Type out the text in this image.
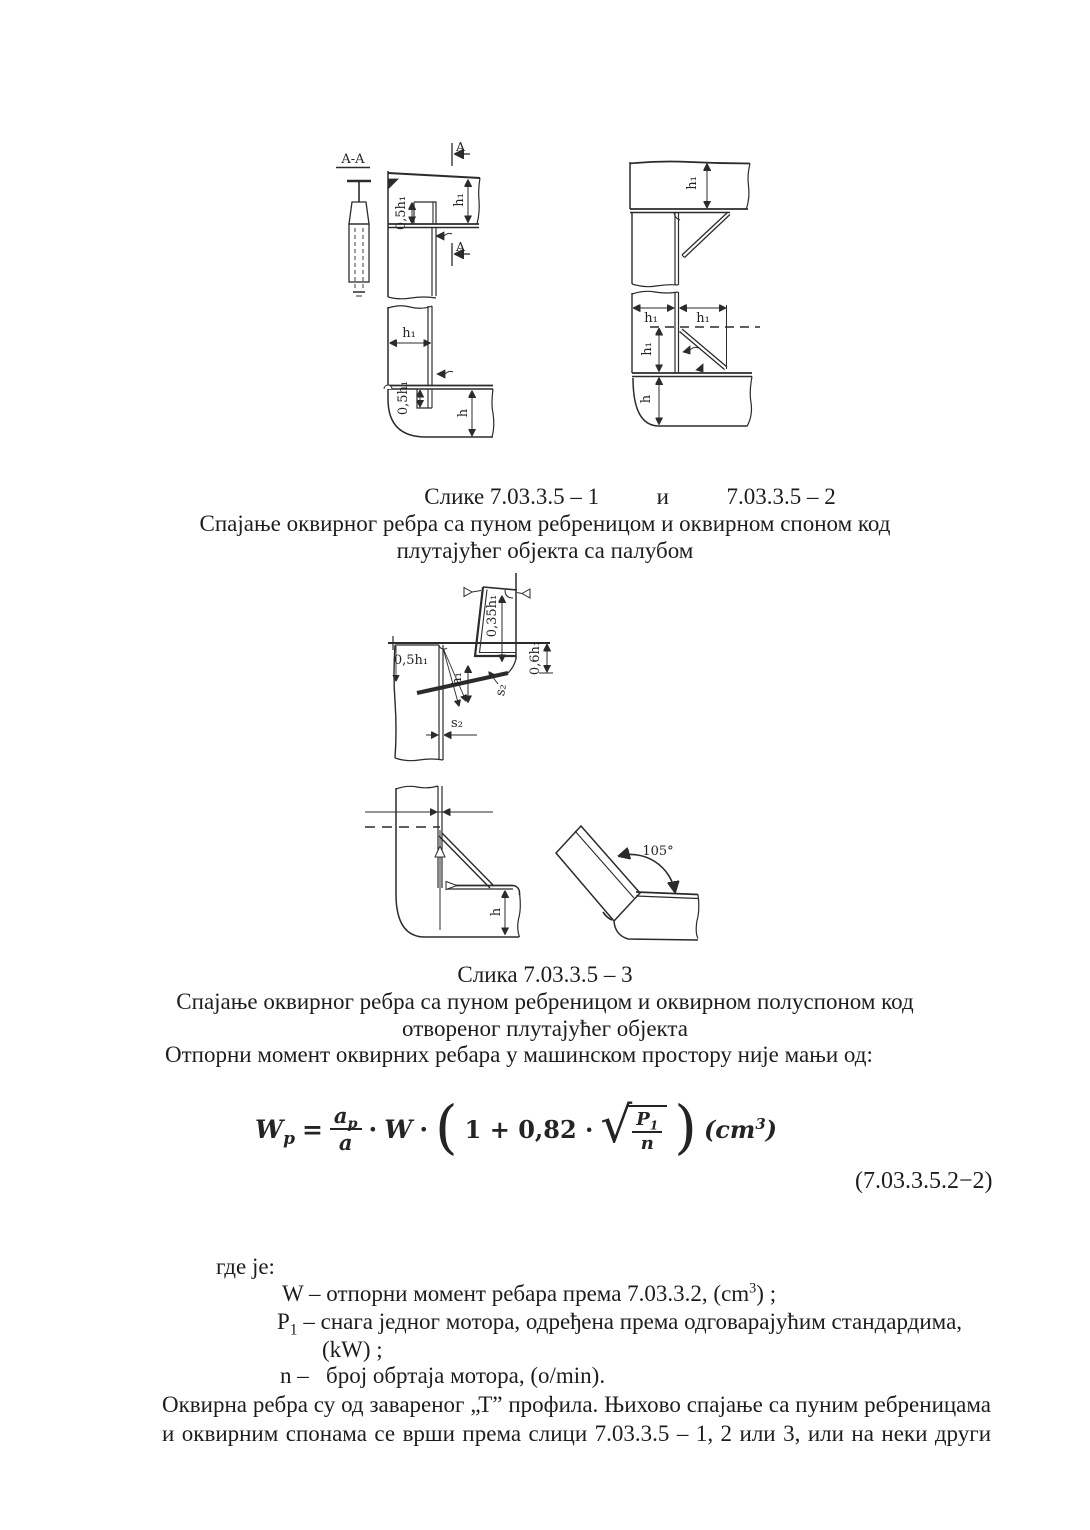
A-A
A
0,5h₁	h₁
A
h₁
0,5h₁	h
h₁
h₁	h₁
h₁
h
0,35h₁
0,6h₁
0,5h₁
h₁
s₂
s₂
h
105°
Слике 7.03.3.5 – 1          и          7.03.3.5 – 2
Спајање оквирног ребра са пуном ребреницом и оквирном споном код
плутајућег објекта са палубом
Слика 7.03.3.5 – 3
Спајање оквирног ребра са пуном ребреницом и оквирном полуспоном код
отвореног плутајућег објекта
Отпорни момент оквирних ребара у машинском простору није мањи од:
$W_p = \frac{a_p}{a} \cdot W$ · ( 1 + 0,82 · √
$\frac{P_1}{n}$ ) $(cm^3)$
(7.03.3.5.2−2)
где је:
W – отпорни момент ребара према 7.03.3.2, $(cm^3)$ ;
$P_1$ – снага једног мотора, одређена према одговарајућим стандардима,
(kW) ;
n –   број обртаја мотора, (o/min).
Оквирна ребра су од завареног „Т” профила. Њихово спајање са пуним ребреницама
и оквирним спонама се врши према слици 7.03.3.5 – 1, 2 или 3, или на неки други
